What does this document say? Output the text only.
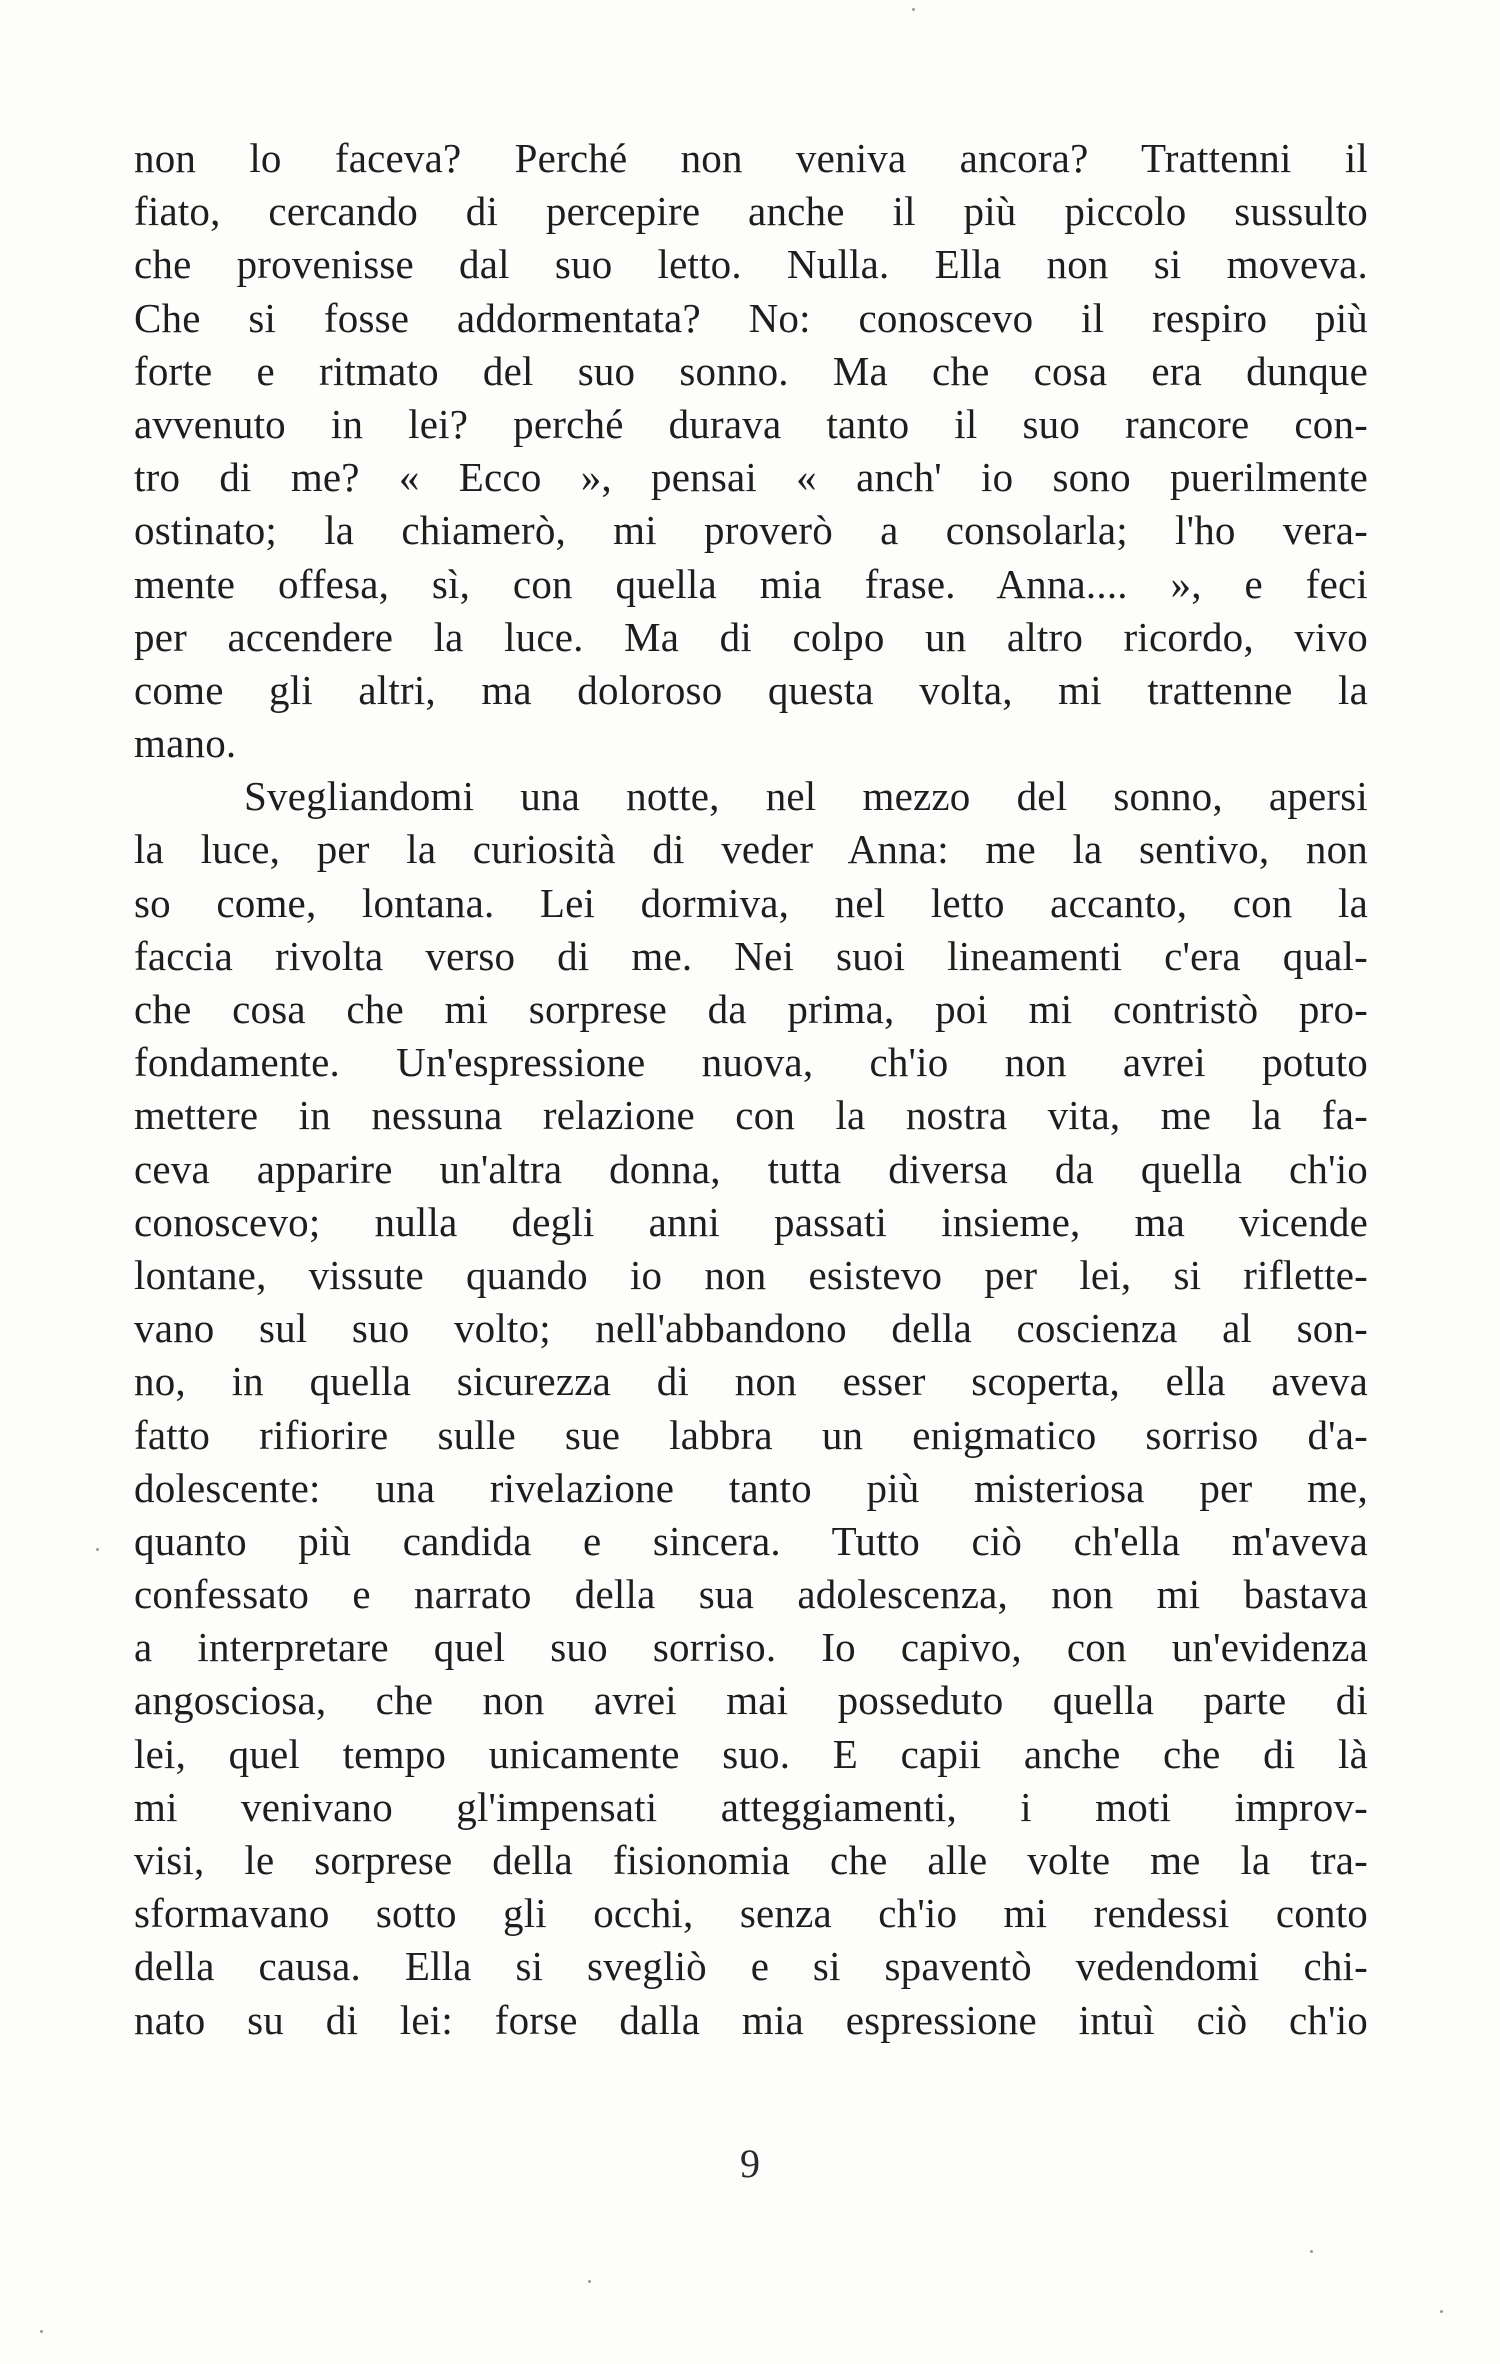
non lo faceva? Perché non veniva ancora? Trattenni il
fiato, cercando di percepire anche il più piccolo sussulto
che provenisse dal suo letto. Nulla. Ella non si moveva.
Che si fosse addormentata? No: conoscevo il respiro più
forte e ritmato del suo sonno. Ma che cosa era dunque
avvenuto in lei? perché durava tanto il suo rancore con-
tro di me? « Ecco », pensai « anch' io sono puerilmente
ostinato; la chiamerò, mi proverò a consolarla; l'ho vera-
mente offesa, sì, con quella mia frase. Anna.... », e feci
per accendere la luce. Ma di colpo un altro ricordo, vivo
come gli altri, ma doloroso questa volta, mi trattenne la
mano.
Svegliandomi una notte, nel mezzo del sonno, apersi
la luce, per la curiosità di veder Anna: me la sentivo, non
so come, lontana. Lei dormiva, nel letto accanto, con la
faccia rivolta verso di me. Nei suoi lineamenti c'era qual-
che cosa che mi sorprese da prima, poi mi contristò pro-
fondamente. Un'espressione nuova, ch'io non avrei potuto
mettere in nessuna relazione con la nostra vita, me la fa-
ceva apparire un'altra donna, tutta diversa da quella ch'io
conoscevo; nulla degli anni passati insieme, ma vicende
lontane, vissute quando io non esistevo per lei, si riflette-
vano sul suo volto; nell'abbandono della coscienza al son-
no, in quella sicurezza di non esser scoperta, ella aveva
fatto rifiorire sulle sue labbra un enigmatico sorriso d'a-
dolescente: una rivelazione tanto più misteriosa per me,
quanto più candida e sincera. Tutto ciò ch'ella m'aveva
confessato e narrato della sua adolescenza, non mi bastava
a interpretare quel suo sorriso. Io capivo, con un'evidenza
angosciosa, che non avrei mai posseduto quella parte di
lei, quel tempo unicamente suo. E capii anche che di là
mi venivano gl'impensati atteggiamenti, i moti improv-
visi, le sorprese della fisionomia che alle volte me la tra-
sformavano sotto gli occhi, senza ch'io mi rendessi conto
della causa. Ella si svegliò e si spaventò vedendomi chi-
nato su di lei: forse dalla mia espressione intuì ciò ch'io
9
